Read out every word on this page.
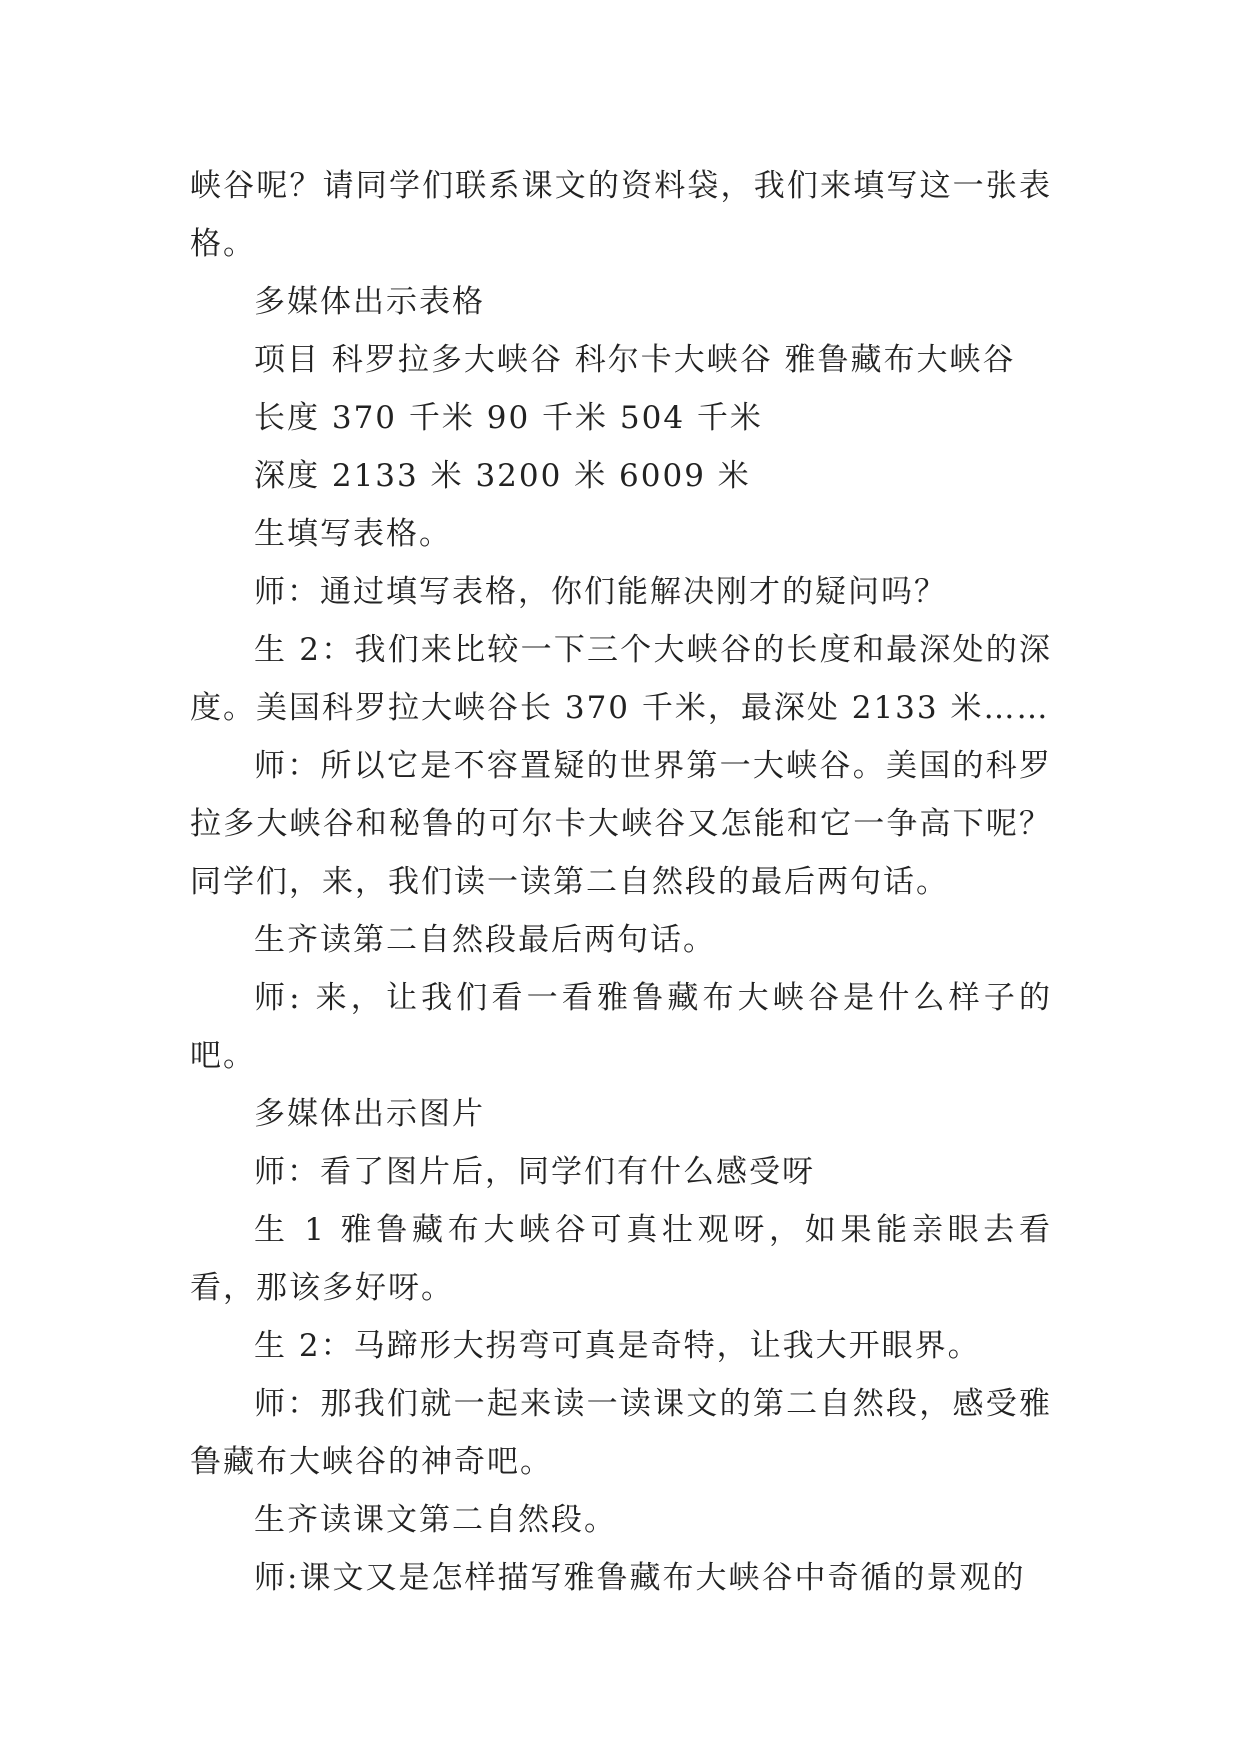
峡谷呢？请同学们联系课文的资料袋，我们来填写这一张表格。

多媒体出示表格

项目 科罗拉多大峡谷 科尔卡大峡谷 雅鲁藏布大峡谷

长度 370 千米 90 千米 504 千米

深度 2133 米 3200 米 6009 米

生填写表格。

师：通过填写表格，你们能解决刚才的疑问吗？

生 2：我们来比较一下三个大峡谷的长度和最深处的深度。美国科罗拉大峡谷长 370 千米，最深处 2133 米……

师：所以它是不容置疑的世界第一大峡谷。美国的科罗拉多大峡谷和秘鲁的可尔卡大峡谷又怎能和它一争高下呢？同学们，来，我们读一读第二自然段的最后两句话。

生齐读第二自然段最后两句话。

师: 来，让我们看一看雅鲁藏布大峡谷是什么样子的吧。

多媒体出示图片

师：看了图片后，同学们有什么感受呀

生 1 雅鲁藏布大峡谷可真壮观呀，如果能亲眼去看看，那该多好呀。

生 2：马蹄形大拐弯可真是奇特，让我大开眼界。

师：那我们就一起来读一读课文的第二自然段，感受雅鲁藏布大峡谷的神奇吧。

生齐读课文第二自然段。

师:课文又是怎样描写雅鲁藏布大峡谷中奇循的景观的
